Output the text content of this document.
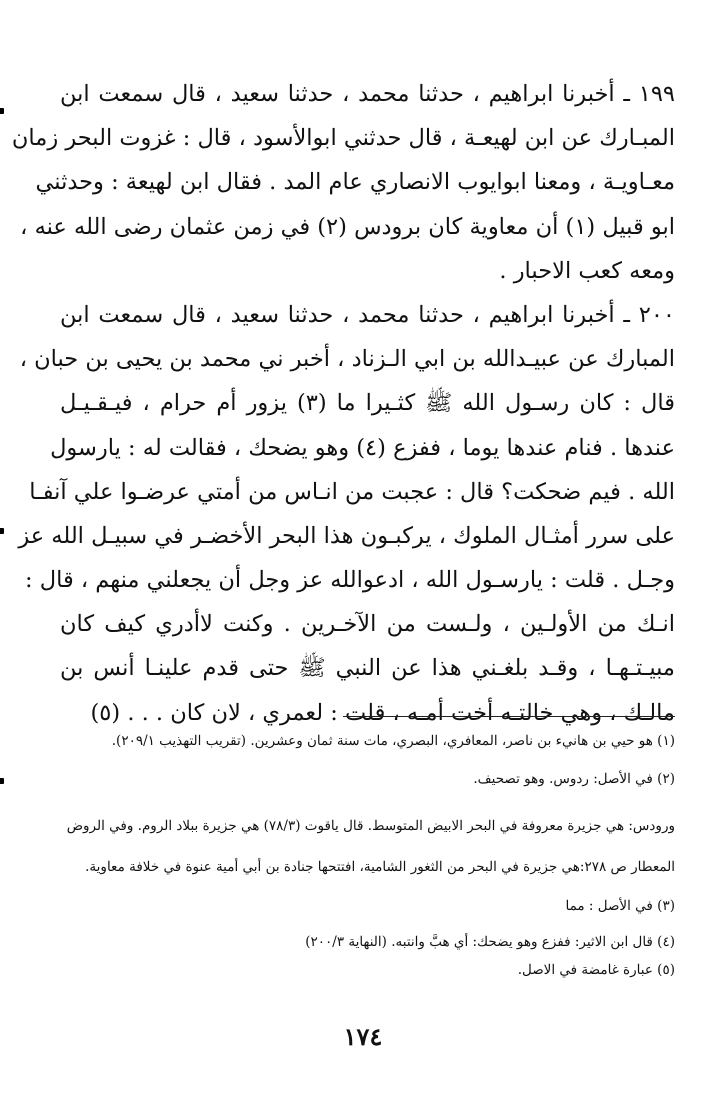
١٩٩ ـ أخبرنا ابراهيم ، حدثنا محمد ، حدثنا سعيد ، قال سمعت ابن
المبـارك عن ابن لهيعـة ، قال حدثني ابوالأسود ، قال : غزوت البحر زمان
معـاويـة ، ومعنا ابوايوب الانصاري عام المد . فقال ابن لهيعة : وحدثني
ابو قبيل (١) أن معاوية كان برودس (٢) في زمن عثمان رضى الله عنه ،
ومعه كعب الاحبار .
٢٠٠ ـ أخبرنا ابراهيم ، حدثنا محمد ، حدثنا سعيد ، قال سمعت ابن
المبارك عن عبيـدالله بن ابي الـزناد ، أخبر ني محمد بن يحيى بن حبان ،
قال : كان رسـول الله ﷺ كثـيرا ما (٣) يزور أم حرام ، فيـقـيـل
عندها . فنام عندها يوما ، ففزع (٤) وهو يضحك ، فقالت له : يارسول
الله . فيم ضحكت؟ قال : عجبت من انـاس من أمتي عرضـوا علي آنفـا
على سرر أمثـال الملوك ، يركبـون هذا البحر الأخضـر في سبيـل الله عز
وجـل . قلت : يارسـول الله ، ادعوالله عز وجل أن يجعلني منهم ، قال :
انـك من الأولـين ، ولـست من الآخـرين . وكنت لاأدري كيف كان
مبيـتـهـا ، وقـد بلغـني هذا عن النبي ﷺ حتى قدم علينـا أنس بن
مالـك ، وهي خالتـه أخت أمـه ، قلت : لعمري ، لان كان . . . (٥)
(١) هو حيي بن هانيء بن ناصر، المعافري، البصري، مات سنة ثمان وعشرين. (تقريب التهذيب ٢٠٩/١).
(٢) في الأصل: ردوس. وهو تصحيف.
ورودس: هي جزيرة معروفة في البحر الابيض المتوسط. قال ياقوت (٧٨/٣) هي جزيرة ببلاد الروم. وفي الروض
المعطار ص ٢٧٨:هي جزيرة في البحر من الثغور الشامية، افتتحها جنادة بن أبي أمية عنوة في خلافة معاوية.
(٣) في الأصل : مما
(٤) قال ابن الاثير: ففزع وهو يضحك: أي هبَّ وانتبه. (النهاية ٢٠٠/٣)
(٥) عبارة غامضة في الاصل.
١٧٤
